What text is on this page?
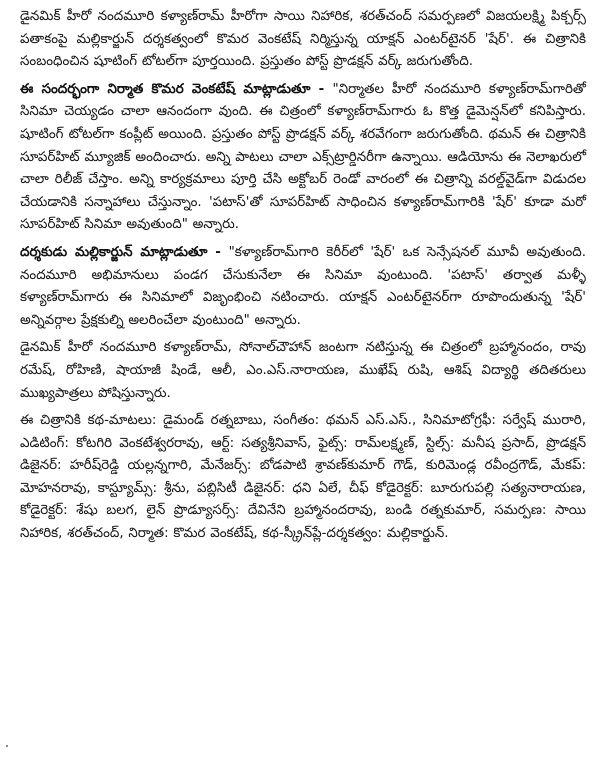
డైనమిక్ హీరో నందమూరి కళ్యాణ్‌రామ్ హీరోగా సాయి నిహారిక, శరత్‌చంద్ సమర్పణలో విజయలక్ష్మి పిక్చర్స్ పతాకంపై మల్లికార్జున్ దర్శకత్వంలో కొమర వెంకటేష్ నిర్మిస్తున్న యాక్షన్ ఎంటర్‌టైనర్ 'షేర్'. ఈ చిత్రానికి సంబంధించిన షూటింగ్ టోటల్‌గా పూర్తయింది. ప్రస్తుతం పోస్ట్ ప్రొడక్షన్ వర్క్ జరుగుతోంది.

ఈ సందర్భంగా నిర్మాత కొమర వెంకటేష్ మాట్లాడుతూ - "నిర్మాతల హీరో నందమూరి కళ్యాణ్‌రామ్‌గారితో సినిమా చెయ్యడం చాలా ఆనందంగా వుంది. ఈ చిత్రంలో కళ్యాణ్‌రామ్‌గారు ఓ కొత్త డైమెన్షన్‌లో కనిపిస్తారు. షూటింగ్ టోటల్‌గా కంప్లీట్ అయింది. ప్రస్తుతం పోస్ట్ ప్రొడక్షన్ వర్క్ శరవేగంగా జరుగుతోంది. థమన్ ఈ చిత్రానికి సూపర్‌హిట్ మ్యూజిక్ అందించారు. అన్ని పాటలు చాలా ఎక్స్‌ట్రార్డినరీగా ఉన్నాయి. ఆడియోను ఈ నెలాఖరులో చాలా రిలీజ్ చేస్తాం. అన్ని కార్యక్రమాలు పూర్తి చేసి అక్టోబర్ రెండో వారంలో ఈ చిత్రాన్ని వరల్డ్‌వైడ్‌గా విడుదల చేయడానికి సన్నాహాలు చేస్తున్నాం. 'పటాస్'తో సూపర్‌హిట్ సాధించిన కళ్యాణ్‌రామ్‌గారికి 'షేర్' కూడా మరో సూపర్‌హిట్ సినిమా అవుతుంది" అన్నారు.

దర్శకుడు మల్లికార్జున్ మాట్లాడుతూ - "కళ్యాణ్‌రామ్‌గారి కెరీర్‌లో 'షేర్' ఒక సెన్సేషనల్ మూవీ అవుతుంది. నందమూరి అభిమానులు పండగ చేసుకునేలా ఈ సినిమా వుంటుంది. 'పటాస్' తర్వాత మళ్ళీ కళ్యాణ్‌రామ్‌గారు ఈ సినిమాలో విజృంభించి నటించారు. యాక్షన్ ఎంటర్‌టైనర్‌గా రూపొందుతున్న 'షేర్' అన్నివర్గాల ప్రేక్షకుల్ని అలరించేలా వుంటుంది" అన్నారు.

డైనమిక్ హీరో నందమూరి కళ్యాణ్‌రామ్, సోనాల్‌చౌహాన్ జంటగా నటిస్తున్న ఈ చిత్రంలో బ్రహ్మానందం, రావు రమేష్, రోహిణి, షాయాజీ షిండే, ఆలీ, ఎం.ఎస్.నారాయణ, ముఖేష్ రుషి, ఆశిష్ విద్యార్థి తదితరులు ముఖ్యపాత్రలు పోషిస్తున్నారు.

ఈ చిత్రానికి కథ-మాటలు: డైమండ్ రత్నబాబు, సంగీతం: థమన్ ఎస్.ఎస్., సినిమాటోగ్రఫీ: సర్వేష్ మురారి, ఎడిటింగ్: కోటగిరి వెంకటేశ్వరరావు, ఆర్ట్: సత్యశ్రీనివాస్, ఫైట్స్: రామ్‌లక్ష్మణ్, స్టిల్స్: మనీష ప్రసాద్, ప్రొడక్షన్ డిజైనర్: హరీష్‌రెడ్డి యల్లన్నగారి, మేనేజర్స్: బోడపాటి శ్రావణ్‌కుమార్ గౌడ్, కురిమెండ్ల రవీంద్రగౌడ్, మేకప్: మోహనరావు, కాస్ట్యూమ్స్: శ్రీను, పబ్లిసిటీ డిజైనర్: ధని ఏలే, చీఫ్ కోడైరెక్టర్: బూరుగుపల్లి సత్యనారాయణ, కోడైరెక్టర్: శేషు బలగ, లైన్ ప్రొడ్యూసర్స్: దేవినేని బ్రహ్మానందరావు, బండి రత్నకుమార్, సమర్పణ: సాయి నిహారిక, శరత్‌చంద్, నిర్మాత: కొమర వెంకటేష్, కథ-స్క్రీన్‌ప్లే-దర్శకత్వం: మల్లికార్జున్.
